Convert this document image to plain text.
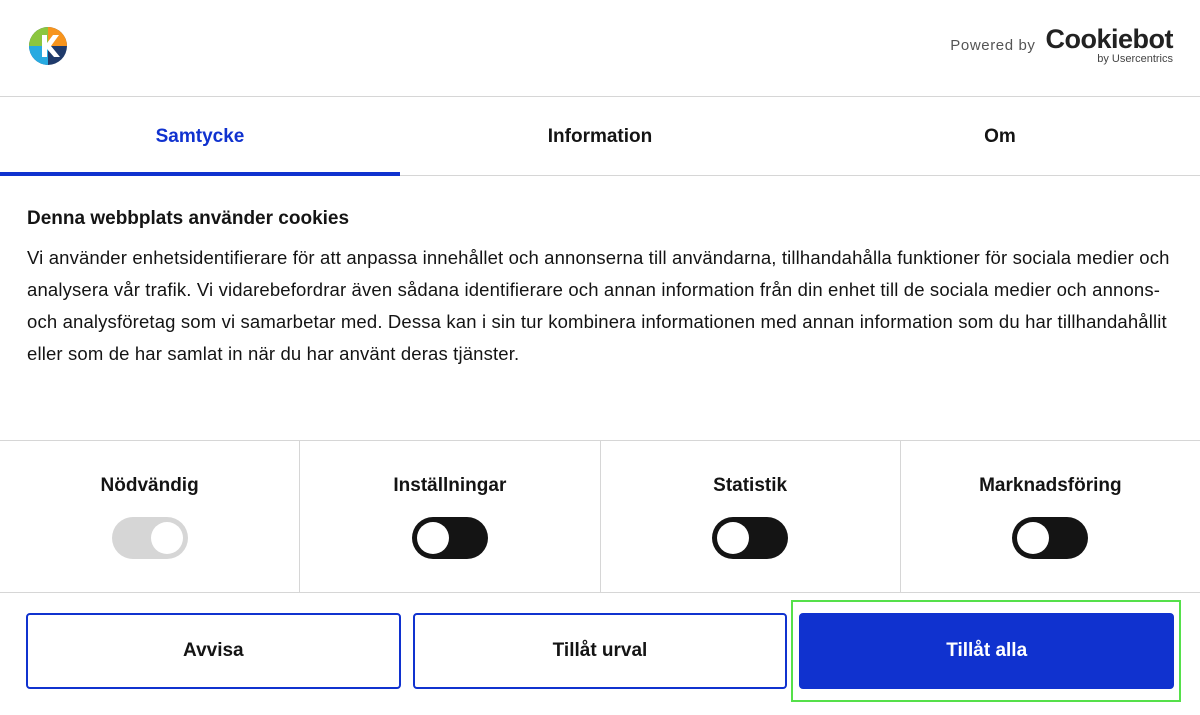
Powered by Cookiebot
by Usercentrics
Samtycke	Information	Om
Denna webbplats använder cookies

Vi använder enhetsidentifierare för att anpassa innehållet och annonserna till användarna, tillhandahålla funktioner för sociala medier och analysera vår trafik. Vi vidarebefordrar även sådana identifierare och annan information från din enhet till de sociala medier och annons- och analysföretag som vi samarbetar med. Dessa kan i sin tur kombinera informationen med annan information som du har tillhandahållit eller som de har samlat in när du har använt deras tjänster.

Nödvändig	Inställningar	Statistik	Marknadsföring
Avvisa	Tillåt urval	Tillåt alla
